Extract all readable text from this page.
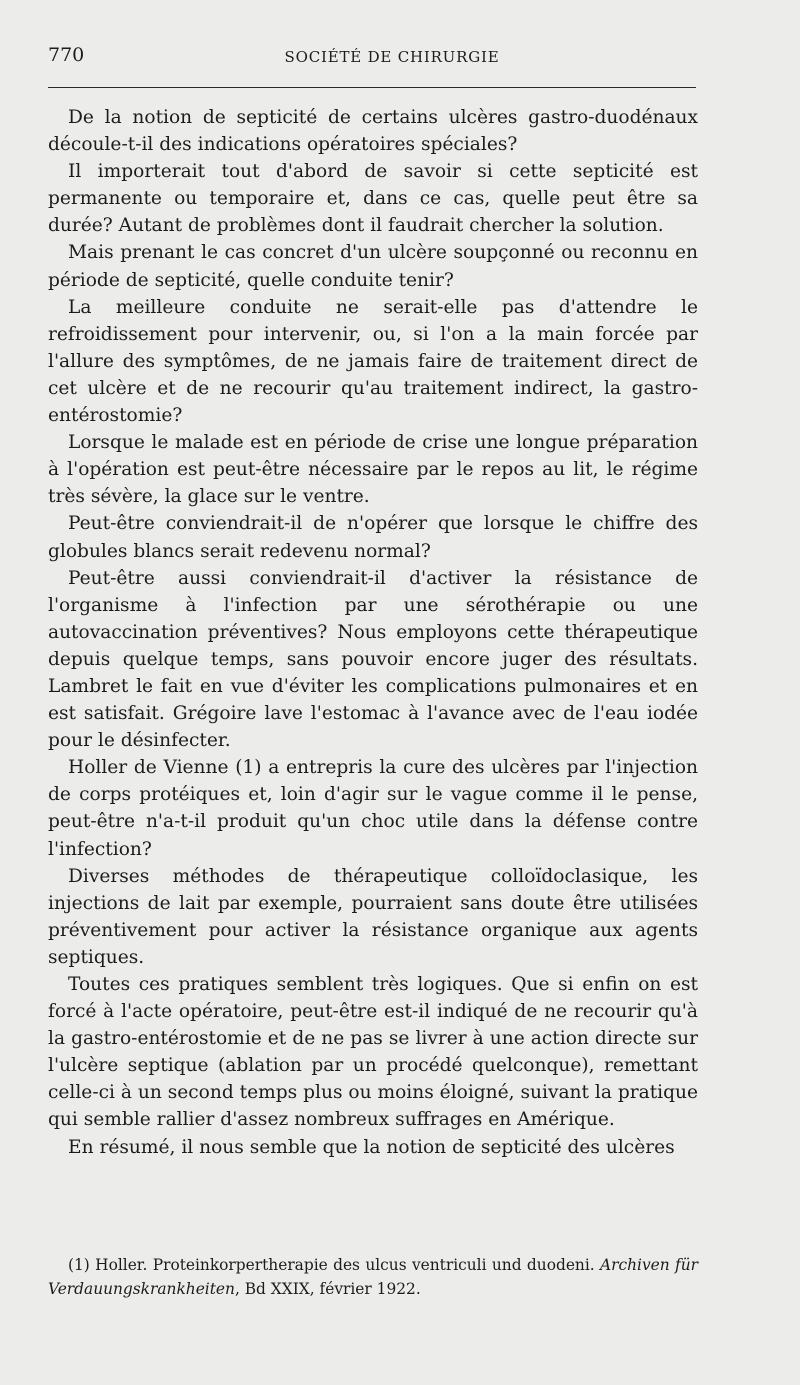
770	SOCIÉTÉ DE CHIRURGIE

De la notion de septicité de certains ulcères gastro-duodénaux découle-t-il des indications opératoires spéciales?

Il importerait tout d'abord de savoir si cette septicité est permanente ou temporaire et, dans ce cas, quelle peut être sa durée? Autant de problèmes dont il faudrait chercher la solution.

Mais prenant le cas concret d'un ulcère soupçonné ou reconnu en période de septicité, quelle conduite tenir?

La meilleure conduite ne serait-elle pas d'attendre le refroidissement pour intervenir, ou, si l'on a la main forcée par l'allure des symptômes, de ne jamais faire de traitement direct de cet ulcère et de ne recourir qu'au traitement indirect, la gastro-entérostomie?

Lorsque le malade est en période de crise une longue préparation à l'opération est peut-être nécessaire par le repos au lit, le régime très sévère, la glace sur le ventre.

Peut-être conviendrait-il de n'opérer que lorsque le chiffre des globules blancs serait redevenu normal?

Peut-être aussi conviendrait-il d'activer la résistance de l'organisme à l'infection par une sérothérapie ou une autovaccination préventives? Nous employons cette thérapeutique depuis quelque temps, sans pouvoir encore juger des résultats. Lambret le fait en vue d'éviter les complications pulmonaires et en est satisfait. Grégoire lave l'estomac à l'avance avec de l'eau iodée pour le désinfecter.

Holler de Vienne (1) a entrepris la cure des ulcères par l'injection de corps protéiques et, loin d'agir sur le vague comme il le pense, peut-être n'a-t-il produit qu'un choc utile dans la défense contre l'infection?

Diverses méthodes de thérapeutique colloïdoclasique, les injections de lait par exemple, pourraient sans doute être utilisées préventivement pour activer la résistance organique aux agents septiques.

Toutes ces pratiques semblent très logiques. Que si enfin on est forcé à l'acte opératoire, peut-être est-il indiqué de ne recourir qu'à la gastro-entérostomie et de ne pas se livrer à une action directe sur l'ulcère septique (ablation par un procédé quelconque), remettant celle-ci à un second temps plus ou moins éloigné, suivant la pratique qui semble rallier d'assez nombreux suffrages en Amérique.

En résumé, il nous semble que la notion de septicité des ulcères

(1) Holler. Proteinkorpertherapie des ulcus ventriculi und duodeni. Archiven für Verdauungskrankheiten, Bd XXIX, février 1922.
